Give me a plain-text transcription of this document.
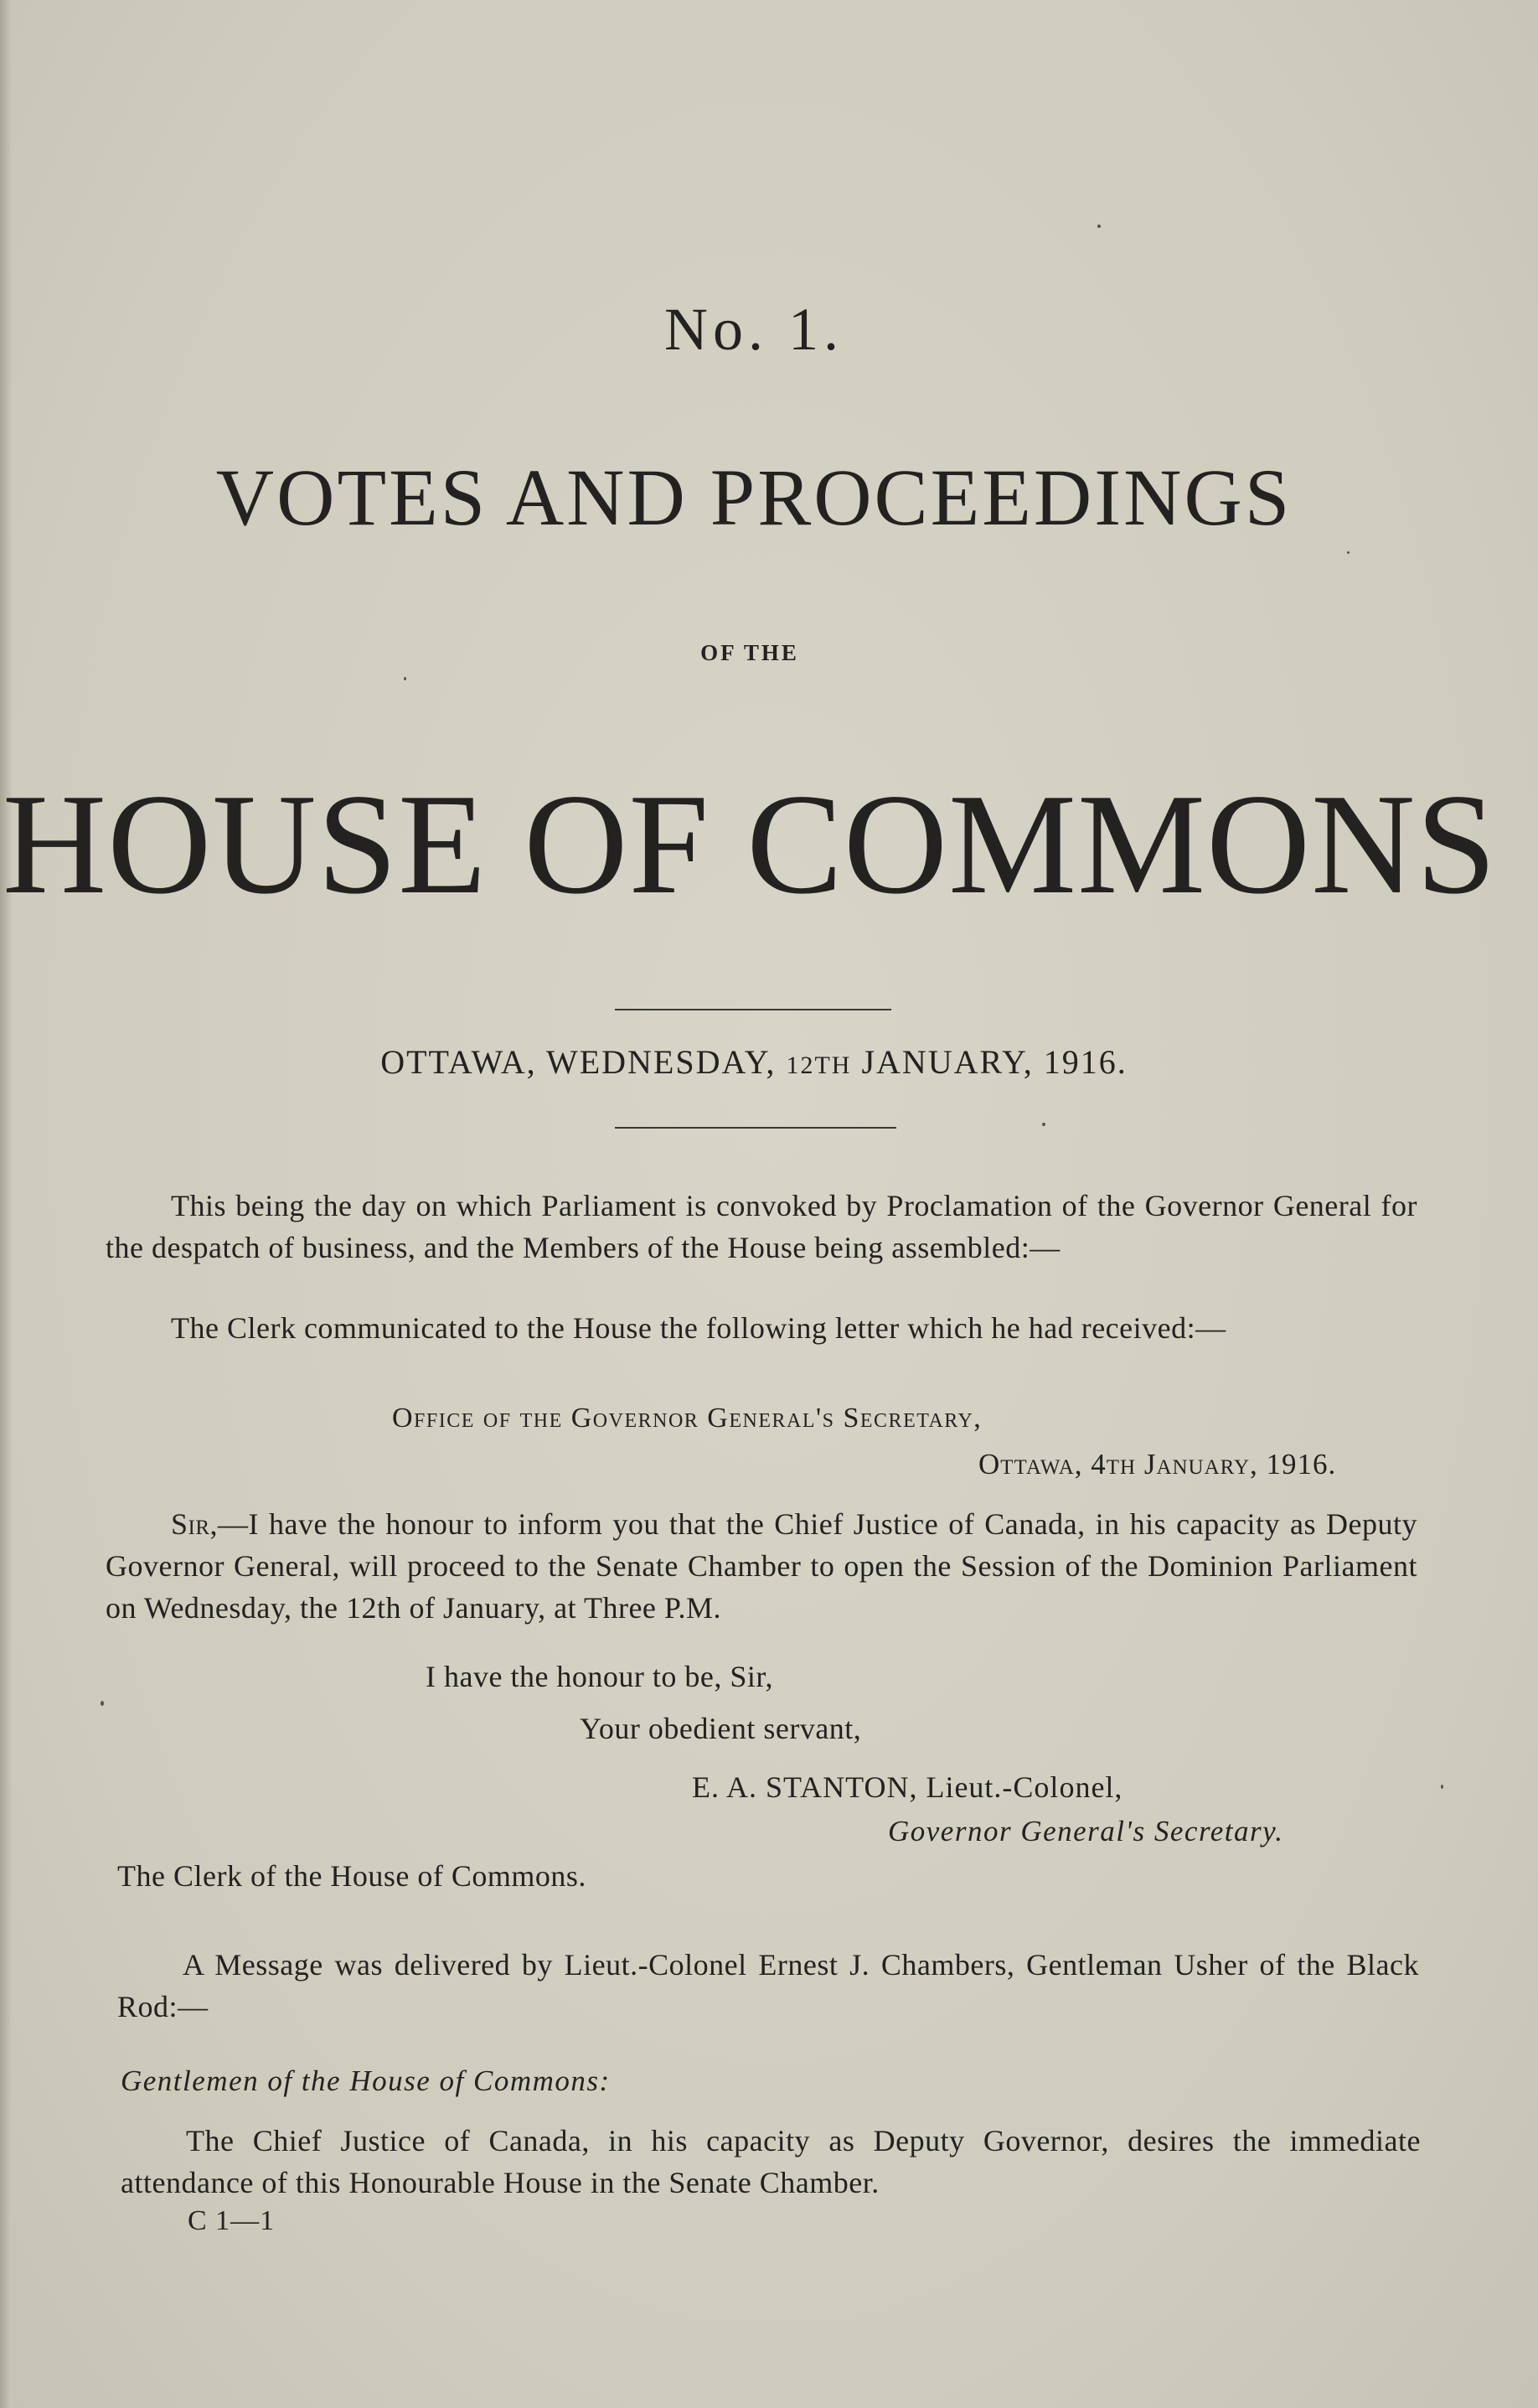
No. 1.
VOTES AND PROCEEDINGS
OF THE
HOUSE OF COMMONS
OTTAWA, WEDNESDAY, 12TH JANUARY, 1916.

This being the day on which Parliament is convoked by Proclamation of the Governor General for the despatch of business, and the Members of the House being assembled:—

The Clerk communicated to the House the following letter which he had received:—

Office of the Governor General's Secretary,
Ottawa, 4th January, 1916.

Sir,—I have the honour to inform you that the Chief Justice of Canada, in his capacity as Deputy Governor General, will proceed to the Senate Chamber to open the Session of the Dominion Parliament on Wednesday, the 12th of January, at Three P.M.

I have the honour to be, Sir,
Your obedient servant,
E. A. STANTON, Lieut.-Colonel,
Governor General's Secretary.
The Clerk of the House of Commons.

A Message was delivered by Lieut.-Colonel Ernest J. Chambers, Gentleman Usher of the Black Rod:—

Gentlemen of the House of Commons:

The Chief Justice of Canada, in his capacity as Deputy Governor, desires the immediate attendance of this Honourable House in the Senate Chamber.

C 1—1
